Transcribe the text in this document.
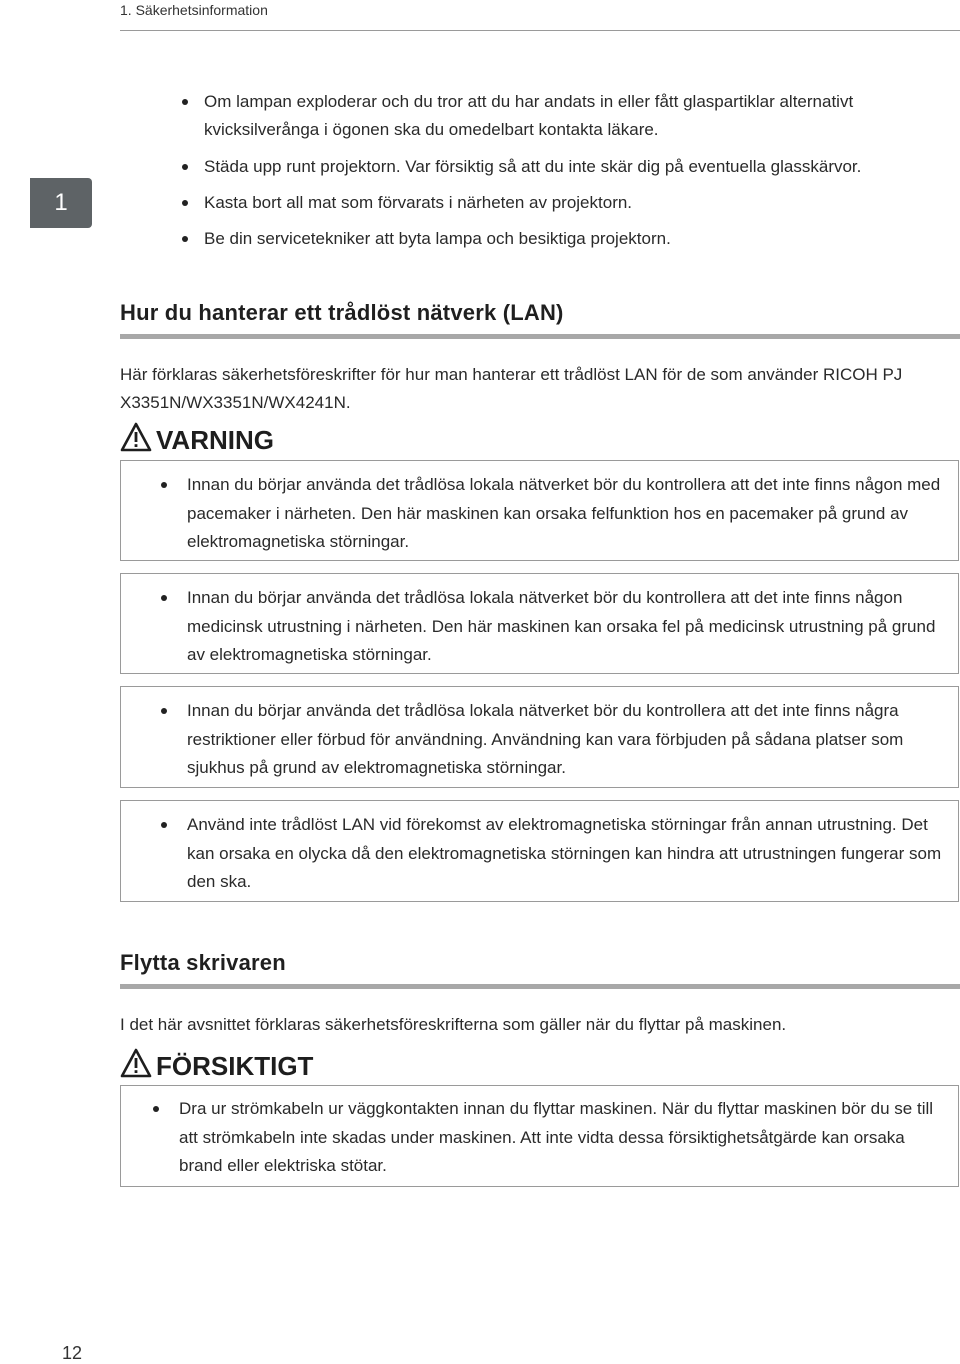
1. Säkerhetsinformation
1
Om lampan exploderar och du tror att du har andats in eller fått glaspartiklar alternativt kvicksilverånga i ögonen ska du omedelbart kontakta läkare.
Städa upp runt projektorn. Var försiktig så att du inte skär dig på eventuella glasskärvor.
Kasta bort all mat som förvarats i närheten av projektorn.
Be din servicetekniker att byta lampa och besiktiga projektorn.
Hur du hanterar ett trådlöst nätverk (LAN)
Här förklaras säkerhetsföreskrifter för hur man hanterar ett trådlöst LAN för de som använder RICOH PJ X3351N/WX3351N/WX4241N.
VARNING
Innan du börjar använda det trådlösa lokala nätverket bör du kontrollera att det inte finns någon med pacemaker i närheten. Den här maskinen kan orsaka felfunktion hos en pacemaker på grund av elektromagnetiska störningar.
Innan du börjar använda det trådlösa lokala nätverket bör du kontrollera att det inte finns någon medicinsk utrustning i närheten. Den här maskinen kan orsaka fel på medicinsk utrustning på grund av elektromagnetiska störningar.
Innan du börjar använda det trådlösa lokala nätverket bör du kontrollera att det inte finns några restriktioner eller förbud för användning. Användning kan vara förbjuden på sådana platser som sjukhus på grund av elektromagnetiska störningar.
Använd inte trådlöst LAN vid förekomst av elektromagnetiska störningar från annan utrustning. Det kan orsaka en olycka då den elektromagnetiska störningen kan hindra att utrustningen fungerar som den ska.
Flytta skrivaren
I det här avsnittet förklaras säkerhetsföreskrifterna som gäller när du flyttar på maskinen.
FÖRSIKTIGT
Dra ur strömkabeln ur väggkontakten innan du flyttar maskinen. När du flyttar maskinen bör du se till att strömkabeln inte skadas under maskinen. Att inte vidta dessa försiktighetsåtgärde kan orsaka brand eller elektriska stötar.
12
